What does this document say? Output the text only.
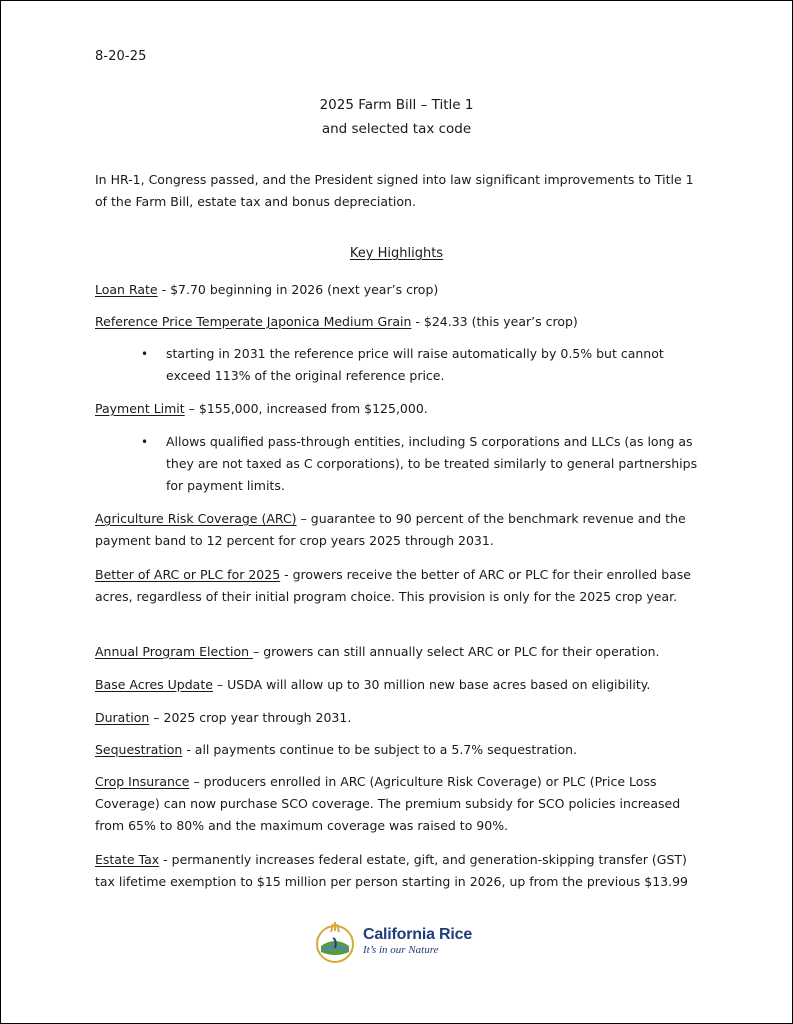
8-20-25
2025 Farm Bill – Title 1
and selected tax code

In HR-1, Congress passed, and the President signed into law significant improvements to Title 1 of the Farm Bill, estate tax and bonus depreciation.

Key Highlights

Loan Rate - $7.70 beginning in 2026 (next year’s crop)

Reference Price Temperate Japonica Medium Grain - $24.33 (this year’s crop)

• starting in 2031 the reference price will raise automatically by 0.5% but cannot exceed 113% of the original reference price.

Payment Limit – $155,000, increased from $125,000.

• Allows qualified pass-through entities, including S corporations and LLCs (as long as they are not taxed as C corporations), to be treated similarly to general partnerships for payment limits.

Agriculture Risk Coverage (ARC) – guarantee to 90 percent of the benchmark revenue and the payment band to 12 percent for crop years 2025 through 2031.

Better of ARC or PLC for 2025 - growers receive the better of ARC or PLC for their enrolled base acres, regardless of their initial program choice. This provision is only for the 2025 crop year.

Annual Program Election – growers can still annually select ARC or PLC for their operation.

Base Acres Update – USDA will allow up to 30 million new base acres based on eligibility.

Duration – 2025 crop year through 2031.

Sequestration - all payments continue to be subject to a 5.7% sequestration.

Crop Insurance – producers enrolled in ARC (Agriculture Risk Coverage) or PLC (Price Loss Coverage) can now purchase SCO coverage. The premium subsidy for SCO policies increased from 65% to 80% and the maximum coverage was raised to 90%.

Estate Tax - permanently increases federal estate, gift, and generation-skipping transfer (GST) tax lifetime exemption to $15 million per person starting in 2026, up from the previous $13.99

California Rice
It’s in our Nature
